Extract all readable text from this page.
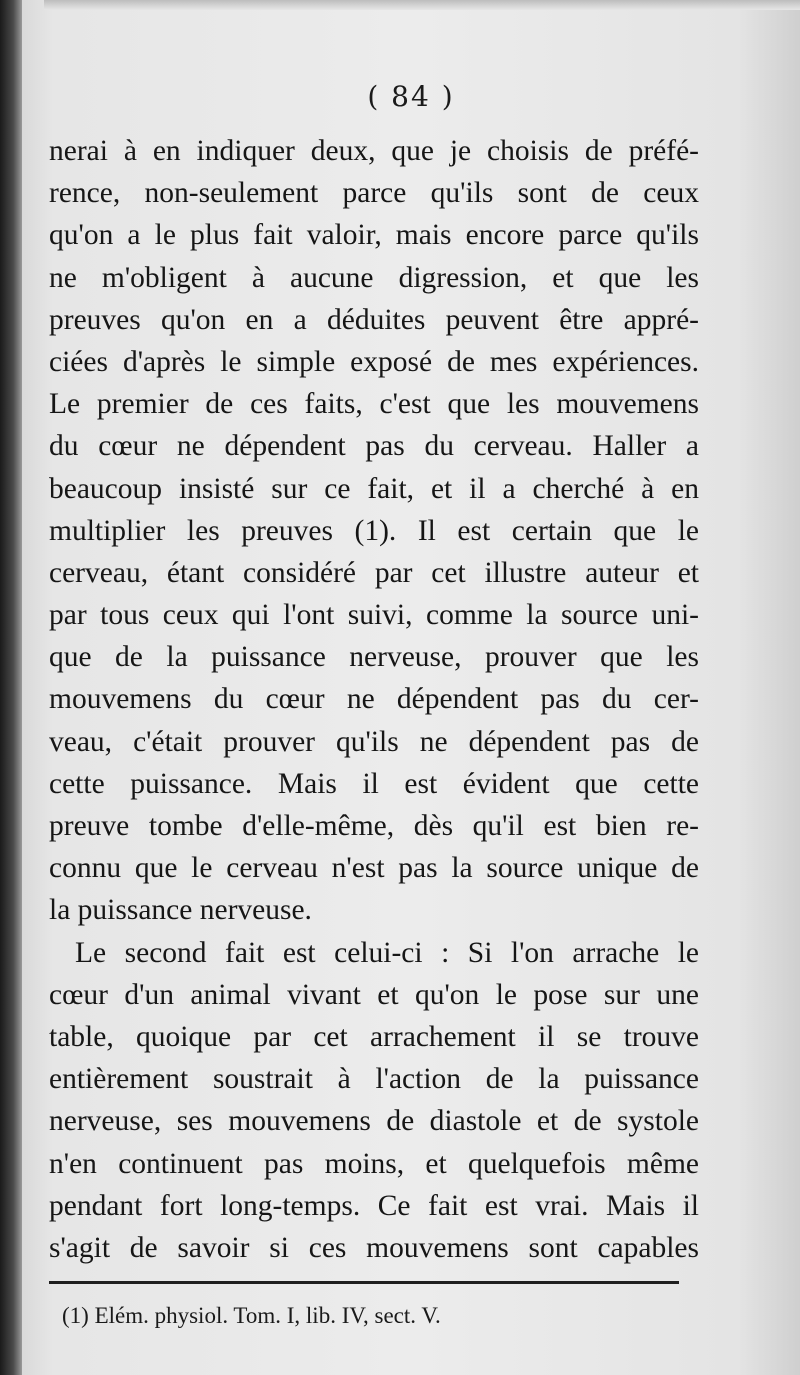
( 84 )
nerai à en indiquer deux, que je choisis de préfé-
rence, non-seulement parce qu'ils sont de ceux
qu'on a le plus fait valoir, mais encore parce qu'ils
ne m'obligent à aucune digression, et que les
preuves qu'on en a déduites peuvent être appré-
ciées d'après le simple exposé de mes expériences.
Le premier de ces faits, c'est que les mouvemens
du cœur ne dépendent pas du cerveau. Haller a
beaucoup insisté sur ce fait, et il a cherché à en
multiplier les preuves (1). Il est certain que le
cerveau, étant considéré par cet illustre auteur et
par tous ceux qui l'ont suivi, comme la source uni-
que de la puissance nerveuse, prouver que les
mouvemens du cœur ne dépendent pas du cer-
veau, c'était prouver qu'ils ne dépendent pas de
cette puissance. Mais il est évident que cette
preuve tombe d'elle-même, dès qu'il est bien re-
connu que le cerveau n'est pas la source unique de
la puissance nerveuse.
Le second fait est celui-ci : Si l'on arrache le
cœur d'un animal vivant et qu'on le pose sur une
table, quoique par cet arrachement il se trouve
entièrement soustrait à l'action de la puissance
nerveuse, ses mouvemens de diastole et de systole
n'en continuent pas moins, et quelquefois même
pendant fort long-temps. Ce fait est vrai. Mais il
s'agit de savoir si ces mouvemens sont capables
(1) Elém. physiol. Tom. I, lib. IV, sect. V.
